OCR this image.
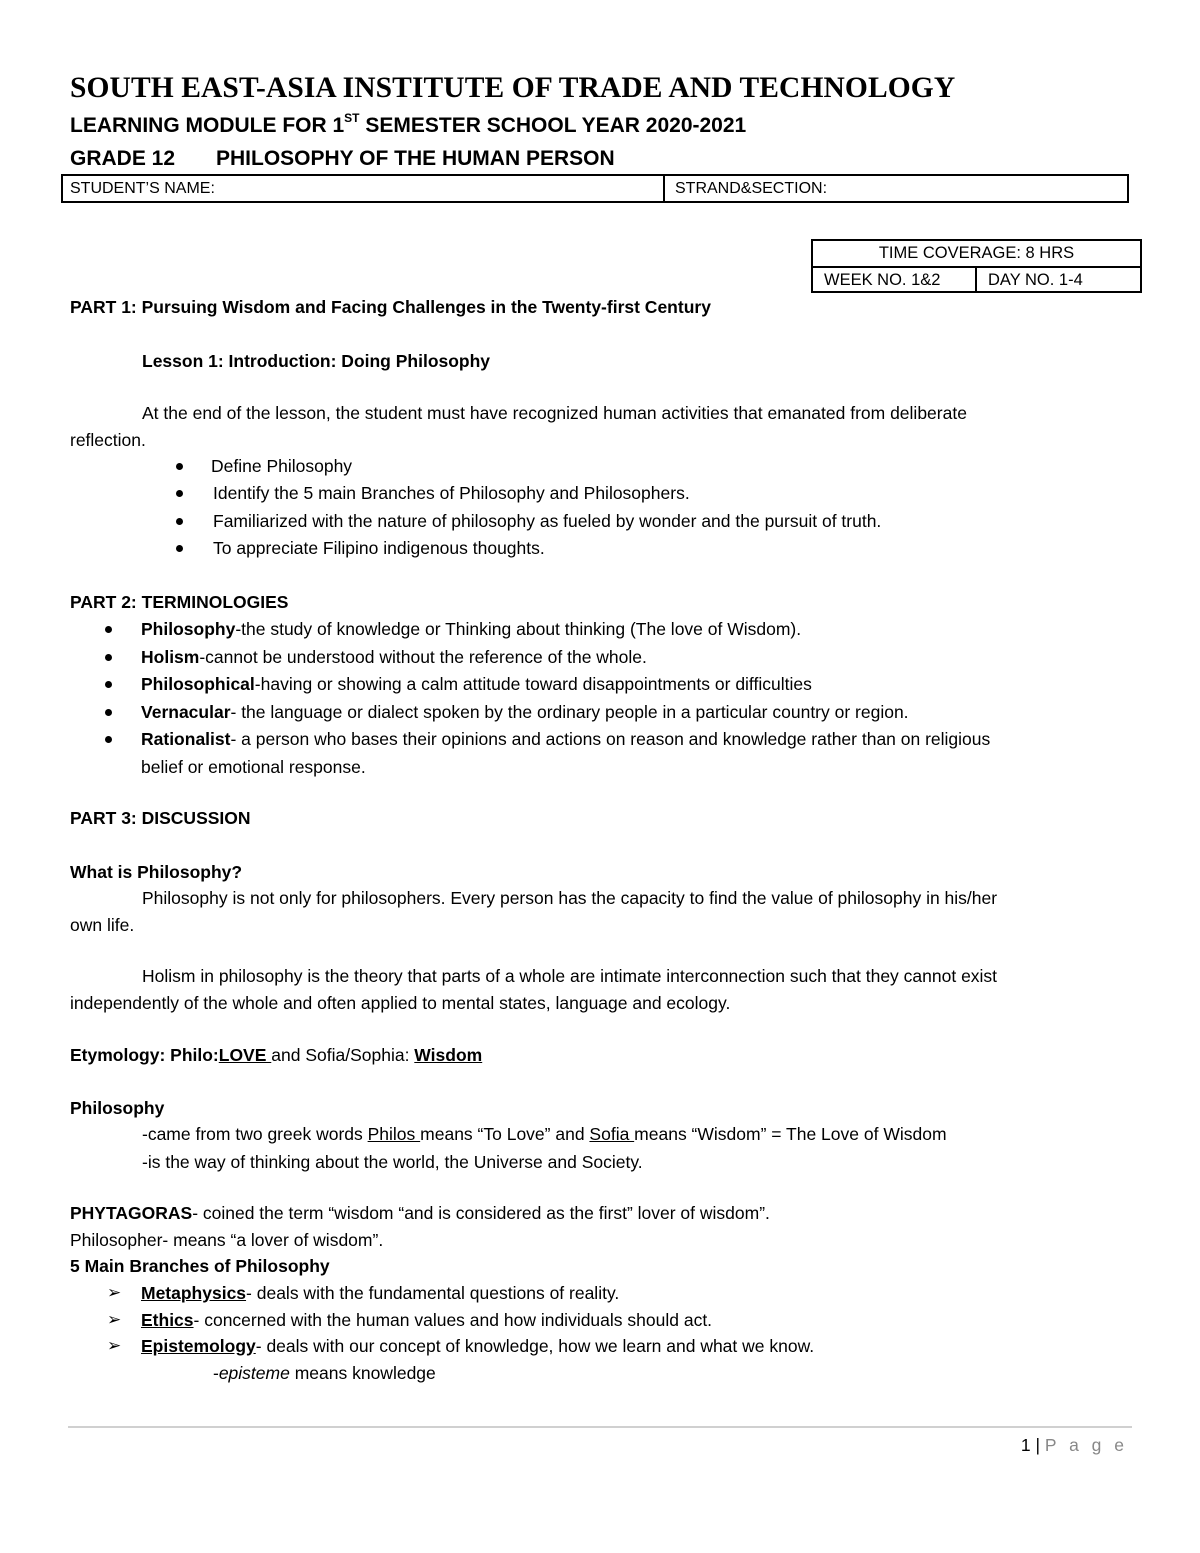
SOUTH EAST-ASIA INSTITUTE OF TRADE AND TECHNOLOGY
LEARNING MODULE FOR 1ST SEMESTER SCHOOL YEAR 2020-2021
GRADE 12 PHILOSOPHY OF THE HUMAN PERSON
STUDENT’S NAME:	STRAND&SECTION:
TIME COVERAGE: 8 HRS
WEEK NO. 1&2	DAY NO. 1-4
PART 1: Pursuing Wisdom and Facing Challenges in the Twenty-first Century
Lesson 1: Introduction: Doing Philosophy
At the end of the lesson, the student must have recognized human activities that emanated from deliberate
reflection.
Define Philosophy
Identify the 5 main Branches of Philosophy and Philosophers.
Familiarized with the nature of philosophy as fueled by wonder and the pursuit of truth.
To appreciate Filipino indigenous thoughts.
PART 2: TERMINOLOGIES
Philosophy-the study of knowledge or Thinking about thinking (The love of Wisdom).
Holism-cannot be understood without the reference of the whole.
Philosophical-having or showing a calm attitude toward disappointments or difficulties
Vernacular- the language or dialect spoken by the ordinary people in a particular country or region.
Rationalist- a person who bases their opinions and actions on reason and knowledge rather than on religious
belief or emotional response.
PART 3: DISCUSSION
What is Philosophy?
Philosophy is not only for philosophers. Every person has the capacity to find the value of philosophy in his/her
own life.
Holism in philosophy is the theory that parts of a whole are intimate interconnection such that they cannot exist
independently of the whole and often applied to mental states, language and ecology.
Etymology: Philo:LOVE and Sofia/Sophia: Wisdom
Philosophy
-came from two greek words Philos means “To Love” and Sofia means “Wisdom” = The Love of Wisdom
-is the way of thinking about the world, the Universe and Society.
PHYTAGORAS- coined the term “wisdom “and is considered as the first” lover of wisdom”.
Philosopher- means “a lover of wisdom”.
5 Main Branches of Philosophy
➢ Metaphysics- deals with the fundamental questions of reality.
➢ Ethics- concerned with the human values and how individuals should act.
➢ Epistemology- deals with our concept of knowledge, how we learn and what we know.
-episteme means knowledge
1 | P a g e
